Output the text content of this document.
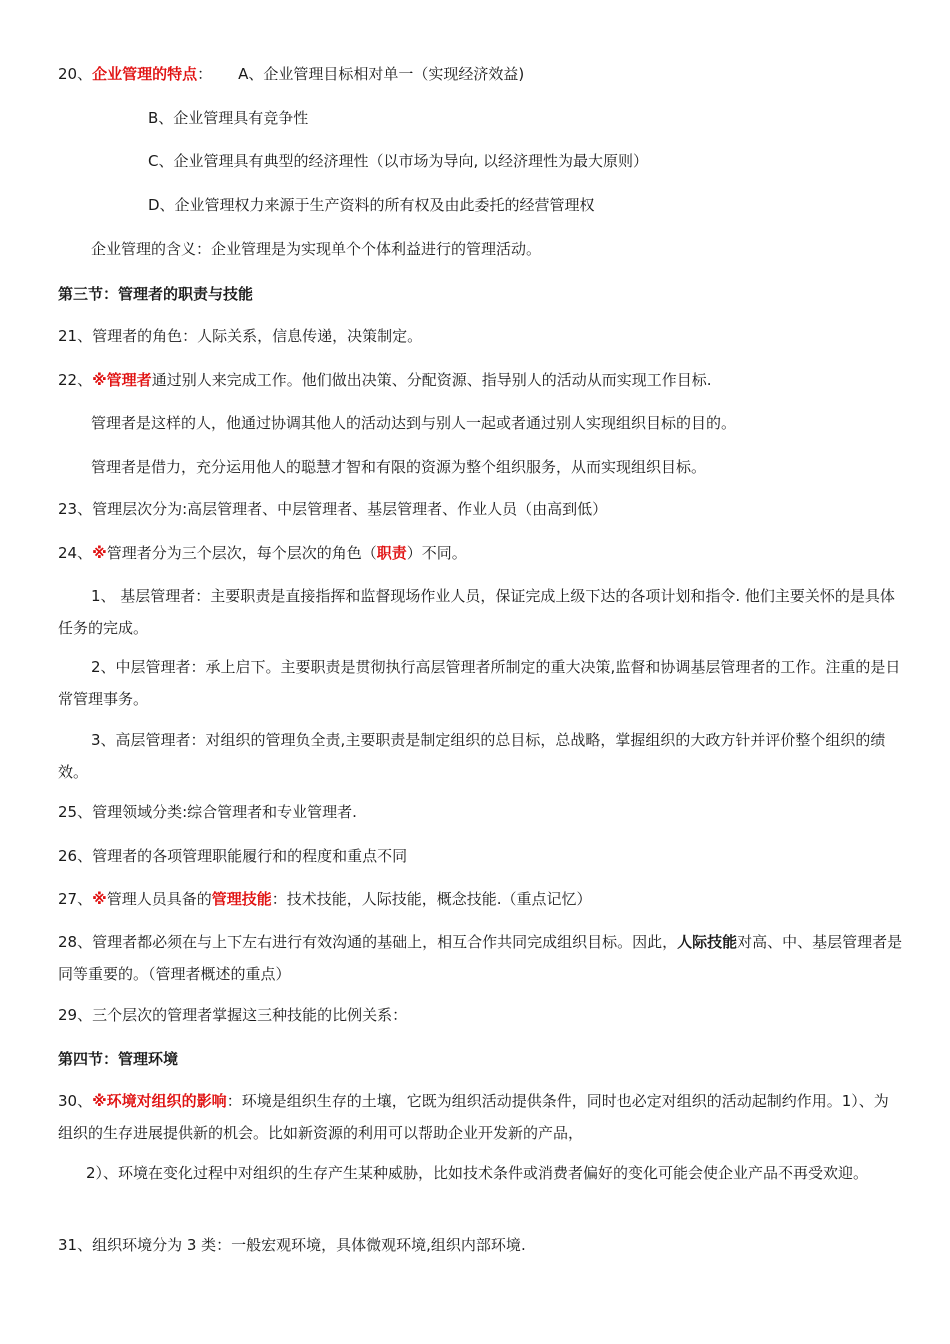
20、企业管理的特点： A、企业管理目标相对单一（实现经济效益)
B、企业管理具有竞争性
C、企业管理具有典型的经济理性（以市场为导向, 以经济理性为最大原则）
D、企业管理权力来源于生产资料的所有权及由此委托的经营管理权
企业管理的含义：企业管理是为实现单个个体利益进行的管理活动。
第三节：管理者的职责与技能
21、管理者的角色：人际关系，信息传递，决策制定。
22、※管理者通过别人来完成工作。他们做出决策、分配资源、指导别人的活动从而实现工作目标.
管理者是这样的人，他通过协调其他人的活动达到与别人一起或者通过别人实现组织目标的目的。
管理者是借力，充分运用他人的聪慧才智和有限的资源为整个组织服务，从而实现组织目标。
23、管理层次分为:高层管理者、中层管理者、基层管理者、作业人员（由高到低）
24、※管理者分为三个层次，每个层次的角色（职责）不同。
1、 基层管理者：主要职责是直接指挥和监督现场作业人员，保证完成上级下达的各项计划和指令. 他们主要关怀的是具体任务的完成。
2、中层管理者：承上启下。主要职责是贯彻执行高层管理者所制定的重大决策,监督和协调基层管理者的工作。注重的是日常管理事务。
3、高层管理者：对组织的管理负全责,主要职责是制定组织的总目标，总战略，掌握组织的大政方针并评价整个组织的绩效。
25、管理领域分类:综合管理者和专业管理者.
26、管理者的各项管理职能履行和的程度和重点不同
27、※管理人员具备的管理技能：技术技能，人际技能，概念技能.（重点记忆）
28、管理者都必须在与上下左右进行有效沟通的基础上，相互合作共同完成组织目标。因此，人际技能对高、中、基层管理者是同等重要的。（管理者概述的重点）
29、三个层次的管理者掌握这三种技能的比例关系：
第四节：管理环境
30、※环境对组织的影响：环境是组织生存的土壤，它既为组织活动提供条件，同时也必定对组织的活动起制约作用。1）、为组织的生存进展提供新的机会。比如新资源的利用可以帮助企业开发新的产品，
2）、环境在变化过程中对组织的生存产生某种威胁，比如技术条件或消费者偏好的变化可能会使企业产品不再受欢迎。
31、组织环境分为 3 类：一般宏观环境，具体微观环境,组织内部环境.
